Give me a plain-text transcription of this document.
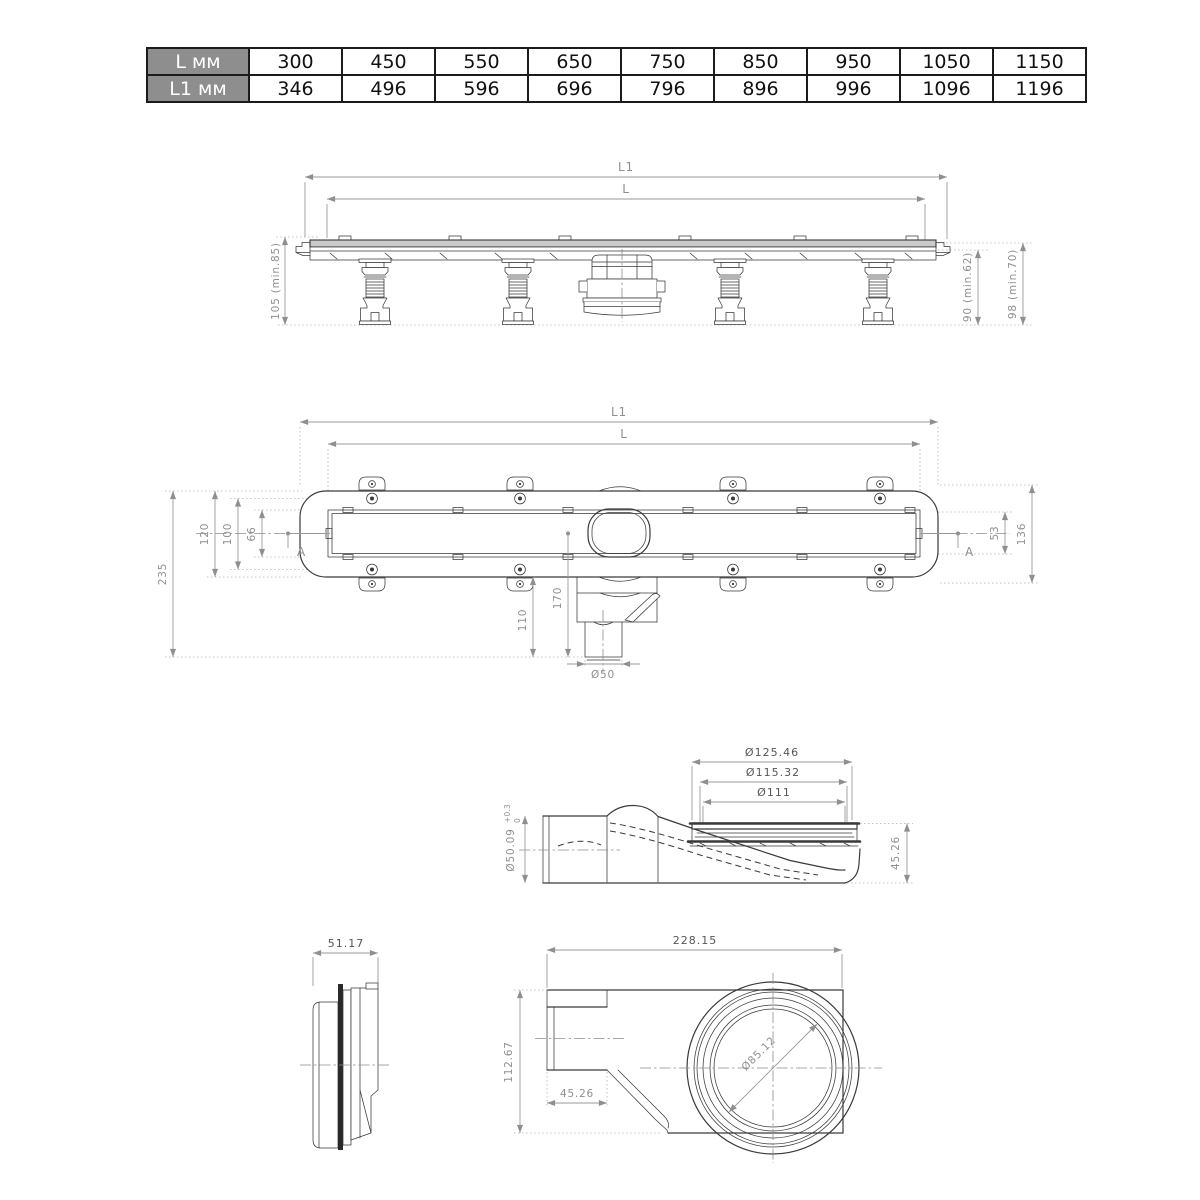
L мм	300	450	550	650	750	850	950	1050	1150
L1 мм	346	496	596	696	796	896	996	1096	1196
L1
L
105 (min.85)	90 (min.62)	98 (min.70)
L1
L
235
120 100 66	53 136
A	A
110
170
Ø50
Ø125.46
Ø115.32
Ø111
Ø50.09
+0.3 0
45.26
51.17	228.15
Ø85.12
112.67
45.26
